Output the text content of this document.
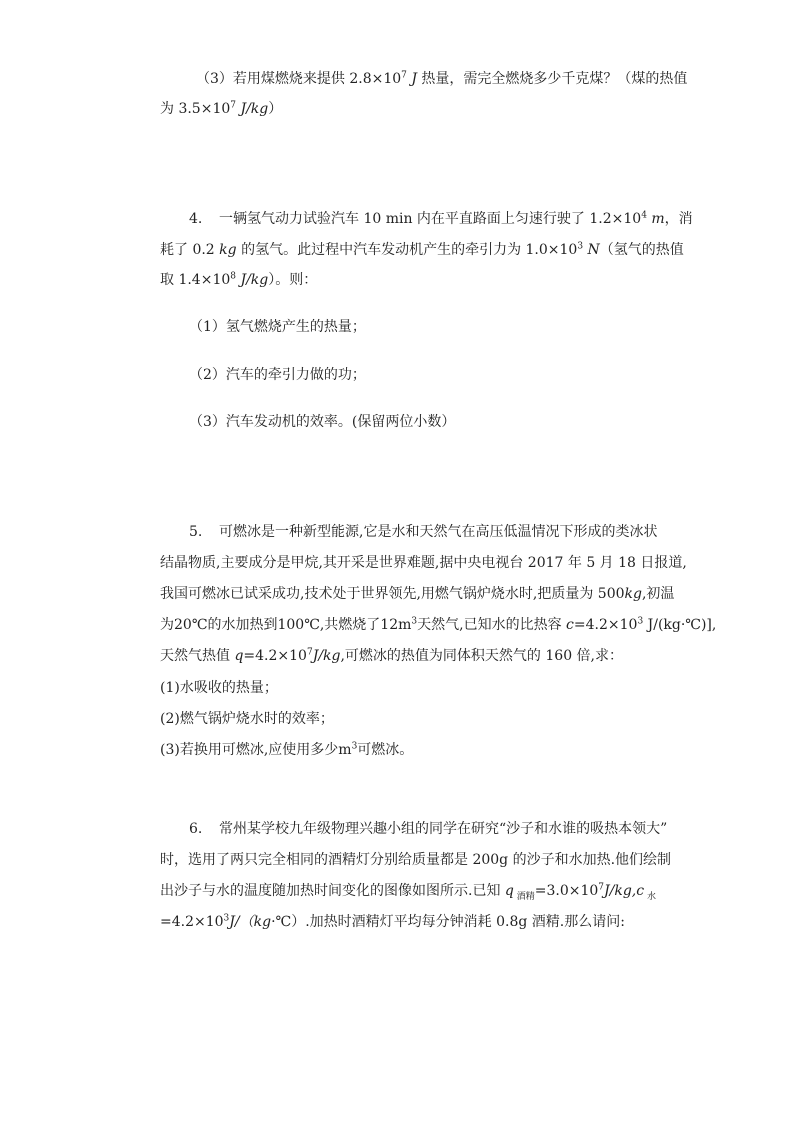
（3）若用煤燃烧来提供 $2.8\times 10^7$ J 热量，需完全燃烧多少千克煤？（煤的热值
为 $3.5\times 10^7$ J/kg）
4. 一辆氢气动力试验汽车 10 min 内在平直路面上匀速行驶了 $1.2\times 10^4$ m，消
耗了 0.2 kg 的氢气。此过程中汽车发动机产生的牵引力为 $1.0\times 10^3$ N（氢气的热值
取 $1.4\times 10^8$ J/kg）。则：
（1）氢气燃烧产生的热量；
（2）汽车的牵引力做的功；
（3）汽车发动机的效率。(保留两位小数）
5. 可燃冰是一种新型能源,它是水和天然气在高压低温情况下形成的类冰状
结晶物质,主要成分是甲烷,其开采是世界难题,据中央电视台 2017 年 5 月 18 日报道,
我国可燃冰已试采成功,技术处于世界领先,用燃气锅炉烧水时,把质量为 500kg,初温
为20℃的水加热到100℃,共燃烧了$12m^3$天然气,已知水的比热容 $c=4.2\times 10^3$ J/(kg·℃)],
天然气热值 $q=4.2\times 10^7J/kg$,可燃冰的热值为同体积天然气的 160 倍,求：
(1)水吸收的热量；
(2)燃气锅炉烧水时的效率；
(3)若换用可燃冰,应使用多少$m^3$可燃冰。
6. 常州某学校九年级物理兴趣小组的同学在研究“沙子和水谁的吸热本领大”
时，选用了两只完全相同的酒精灯分别给质量都是 200g 的沙子和水加热.他们绘制
出沙子与水的温度随加热时间变化的图像如图所示.已知 q $_{酒精}=3.0\times 10^7J/kg,c$ $_水$
$=4.2\times 10^3J/(kg\cdot℃)$.加热时酒精灯平均每分钟消耗 0.8g 酒精.那么请问:
